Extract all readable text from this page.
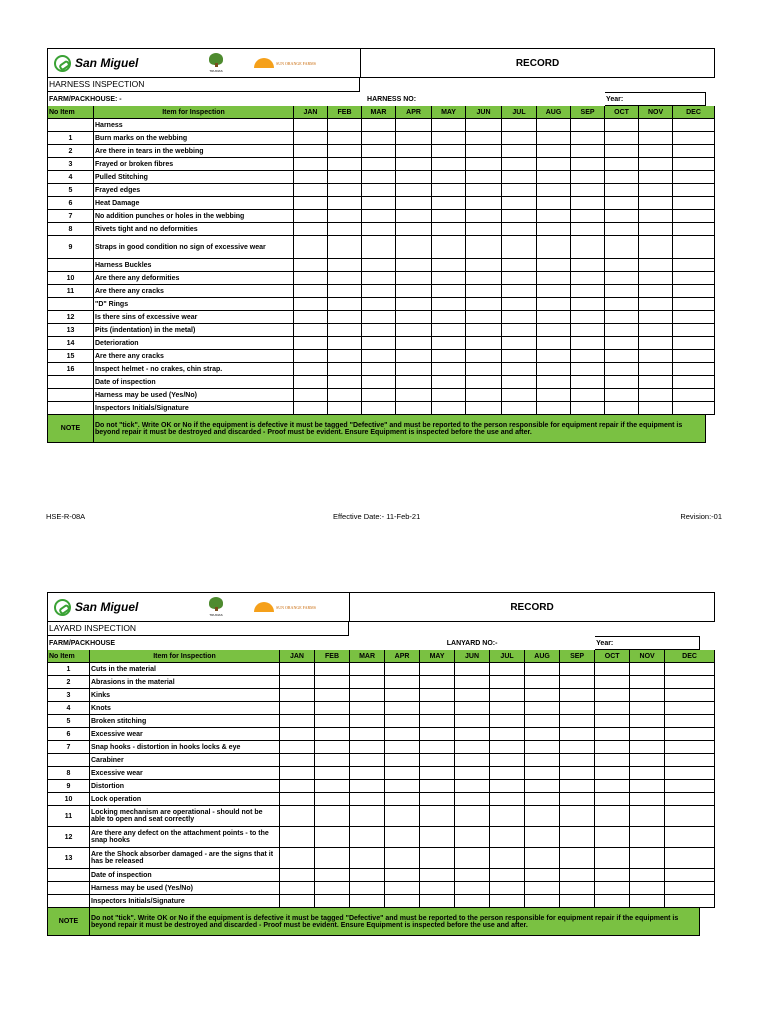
San Miguel
TRUDIAS
SUN ORANGE FARMS	RECORD
HARNESS INSPECTION
FARM/PACKHOUSE: -				HARNESS NO:							Year:			
No Item	Item for Inspection	JAN	FEB	MAR	APR	MAY	JUN	JUL	AUG	SEP	OCT	NOV	DEC	
	Harness													
1	Burn marks on the webbing													
2	Are there in tears in the webbing													
3	Frayed or broken fibres													
4	Pulled Stitching													
5	Frayed edges													
6	Heat Damage													
7	No addition punches or holes in the webbing													
8	Rivets tight and no deformities													
9	Straps in good condition no sign of excessive wear													
	Harness Buckles													
10	Are there any deformities													
11	Are there any cracks													
	"D" Rings													
12	Is there sins of excessive wear													
13	Pits (indentation) in the metal)													
14	Deterioration													
15	Are there any cracks													
16	Inspect helmet - no crakes, chin strap.													
	Date of inspection													
	Harness may be used (Yes/No)													
	Inspectors Initials/Signature													
NOTE	Do not "tick". Write OK or No if the equipment is defective it must be tagged "Defective" and must be reported to the person responsible for equipment repair if the equipment is beyond repair it must be destroyed and discarded - Proof must be evident. Ensure Equipment is inspected before the use and after.													
HSE-R-08A	Effective Date:- 11-Feb-21	Revision:-01
San Miguel
TRUDIAS
SUN ORANGE FARMS	RECORD
LAYARD INSPECTION
FARM/PACKHOUSE				LANYARD NO:-							Year:			
No Item	Item for Inspection	JAN	FEB	MAR	APR	MAY	JUN	JUL	AUG	SEP	OCT	NOV	DEC	
1	Cuts in the material													
2	Abrasions in the material													
3	Kinks													
4	Knots													
5	Broken stitching													
6	Excessive wear													
7	Snap hooks - distortion in hooks locks & eye													
	Carabiner													
8	Excessive wear													
9	Distortion													
10	Lock operation													
11	Locking mechanism are operational - should not be able to open and seat correctly													
12	Are there any defect on the attachment points - to the snap hooks													
13	Are the Shock absorber damaged - are the signs that it has be released													
	Date of inspection													
	Harness may be used (Yes/No)													
	Inspectors Initials/Signature													
NOTE	Do not "tick". Write OK or No if the equipment is defective it must be tagged "Defective" and must be reported to the person responsible for equipment repair if the equipment is beyond repair it must be destroyed and discarded - Proof must be evident. Ensure Equipment is inspected before the use and after.													
